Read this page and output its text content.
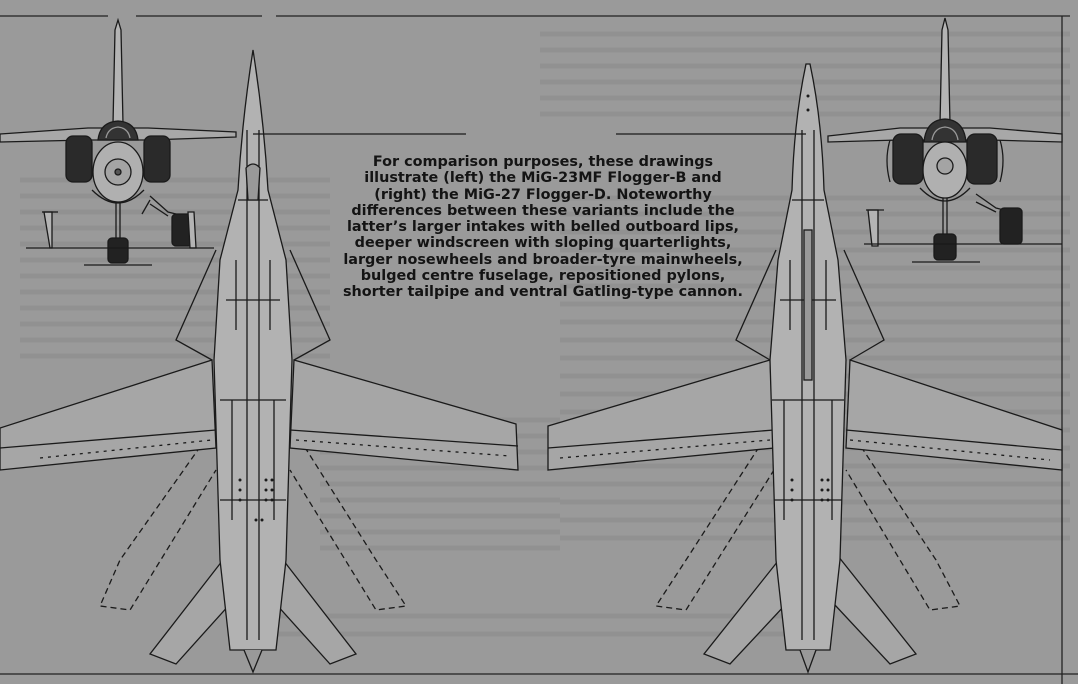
For comparison purposes, these drawings illustrate (left) the MiG-23MF Flogger-B and (right) the MiG-27 Flogger-D. Noteworthy differences between these variants include the latter’s larger intakes with belled outboard lips, deeper windscreen with sloping quarterlights, larger nosewheels and broader-tyre mainwheels, bulged centre fuselage, repositioned pylons, shorter tailpipe and ventral Gatling-type cannon.
